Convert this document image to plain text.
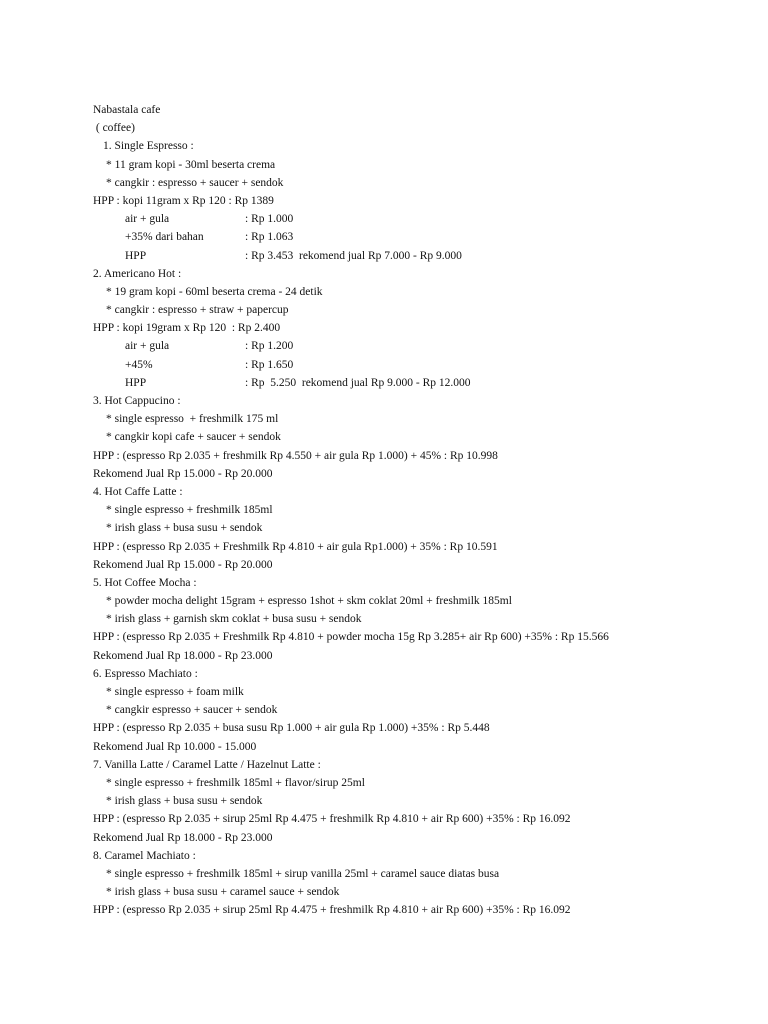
Nabastala cafe
( coffee)
1. Single Espresso :
* 11 gram kopi - 30ml beserta crema
* cangkir : espresso + saucer + sendok
HPP : kopi 11gram x Rp 120 : Rp 1389
air + gula	: Rp 1.000
+35% dari bahan	: Rp 1.063
HPP	: Rp 3.453  rekomend jual Rp 7.000 - Rp 9.000
2. Americano Hot :
* 19 gram kopi - 60ml beserta crema - 24 detik
* cangkir : espresso + straw + papercup
HPP : kopi 19gram x Rp 120  : Rp 2.400
air + gula	: Rp 1.200
+45%	: Rp 1.650
HPP	: Rp  5.250  rekomend jual Rp 9.000 - Rp 12.000
3. Hot Cappucino :
* single espresso  + freshmilk 175 ml
* cangkir kopi cafe + saucer + sendok
HPP : (espresso Rp 2.035 + freshmilk Rp 4.550 + air gula Rp 1.000) + 45% : Rp 10.998
Rekomend Jual Rp 15.000 - Rp 20.000
4. Hot Caffe Latte :
* single espresso + freshmilk 185ml
* irish glass + busa susu + sendok
HPP : (espresso Rp 2.035 + Freshmilk Rp 4.810 + air gula Rp1.000) + 35% : Rp 10.591
Rekomend Jual Rp 15.000 - Rp 20.000
5. Hot Coffee Mocha :
* powder mocha delight 15gram + espresso 1shot + skm coklat 20ml + freshmilk 185ml
* irish glass + garnish skm coklat + busa susu + sendok
HPP : (espresso Rp 2.035 + Freshmilk Rp 4.810 + powder mocha 15g Rp 3.285+ air Rp 600) +35% : Rp 15.566
Rekomend Jual Rp 18.000 - Rp 23.000
6. Espresso Machiato :
* single espresso + foam milk
* cangkir espresso + saucer + sendok
HPP : (espresso Rp 2.035 + busa susu Rp 1.000 + air gula Rp 1.000) +35% : Rp 5.448
Rekomend Jual Rp 10.000 - 15.000
7. Vanilla Latte / Caramel Latte / Hazelnut Latte :
* single espresso + freshmilk 185ml + flavor/sirup 25ml
* irish glass + busa susu + sendok
HPP : (espresso Rp 2.035 + sirup 25ml Rp 4.475 + freshmilk Rp 4.810 + air Rp 600) +35% : Rp 16.092
Rekomend Jual Rp 18.000 - Rp 23.000
8. Caramel Machiato :
* single espresso + freshmilk 185ml + sirup vanilla 25ml + caramel sauce diatas busa
* irish glass + busa susu + caramel sauce + sendok
HPP : (espresso Rp 2.035 + sirup 25ml Rp 4.475 + freshmilk Rp 4.810 + air Rp 600) +35% : Rp 16.092
